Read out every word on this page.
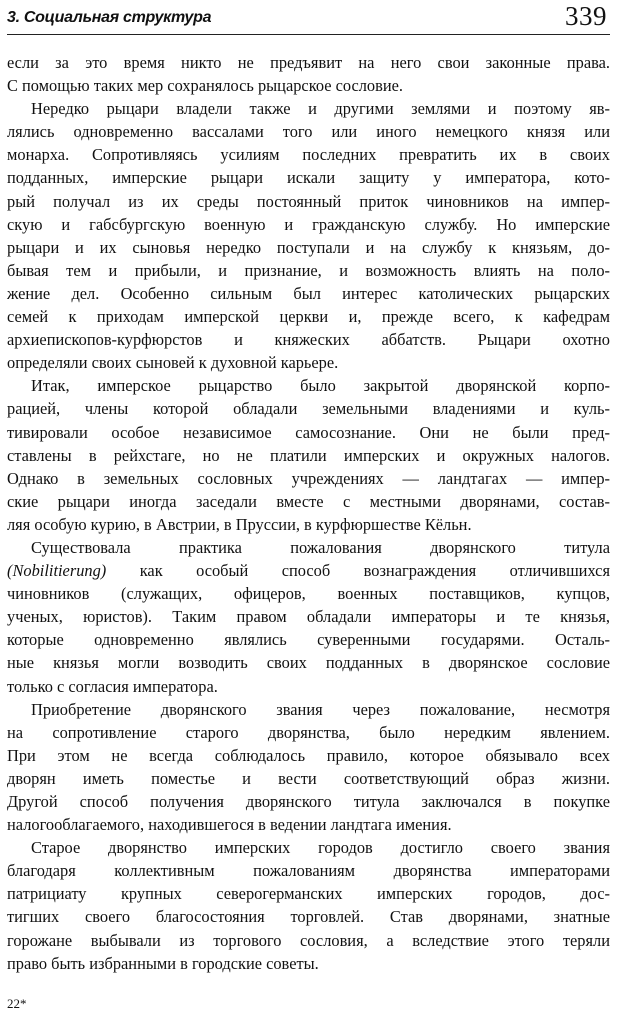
3. Социальная структура	339
если за это время никто не предъявит на него свои законные права.
С помощью таких мер сохранялось рыцарское сословие.
Нередко рыцари владели также и другими землями и поэтому яв-
лялись одновременно вассалами того или иного немецкого князя или
монарха. Сопротивляясь усилиям последних превратить их в своих
подданных, имперские рыцари искали защиту у императора, кото-
рый получал из их среды постоянный приток чиновников на импер-
скую и габсбургскую военную и гражданскую службу. Но имперские
рыцари и их сыновья нередко поступали и на службу к князьям, до-
бывая тем и прибыли, и признание, и возможность влиять на поло-
жение дел. Особенно сильным был интерес католических рыцарских
семей к приходам имперской церкви и, прежде всего, к кафедрам
архиепископов-курфюрстов и княжеских аббатств. Рыцари охотно
определяли своих сыновей к духовной карьере.
Итак, имперское рыцарство было закрытой дворянской корпо-
рацией, члены которой обладали земельными владениями и куль-
тивировали особое независимое самосознание. Они не были пред-
ставлены в рейхстаге, но не платили имперских и окружных налогов.
Однако в земельных сословных учреждениях — ландтагах — импер-
ские рыцари иногда заседали вместе с местными дворянами, состав-
ляя особую курию, в Австрии, в Пруссии, в курфюршестве Кёльн.
Существовала практика пожалования дворянского титула
(Nobilitierung) как особый способ вознаграждения отличившихся
чиновников (служащих, офицеров, военных поставщиков, купцов,
ученых, юристов). Таким правом обладали императоры и те князья,
которые одновременно являлись суверенными государями. Осталь-
ные князья могли возводить своих подданных в дворянское сословие
только с согласия императора.
Приобретение дворянского звания через пожалование, несмотря
на сопротивление старого дворянства, было нередким явлением.
При этом не всегда соблюдалось правило, которое обязывало всех
дворян иметь поместье и вести соответствующий образ жизни.
Другой способ получения дворянского титула заключался в покупке
налогооблагаемого, находившегося в ведении ландтага имения.
Старое дворянство имперских городов достигло своего звания
благодаря коллективным пожалованиям дворянства императорами
патрициату крупных северогерманских имперских городов, дос-
тигших своего благосостояния торговлей. Став дворянами, знатные
горожане выбывали из торгового сословия, а вследствие этого теряли
право быть избранными в городские советы.
22*
